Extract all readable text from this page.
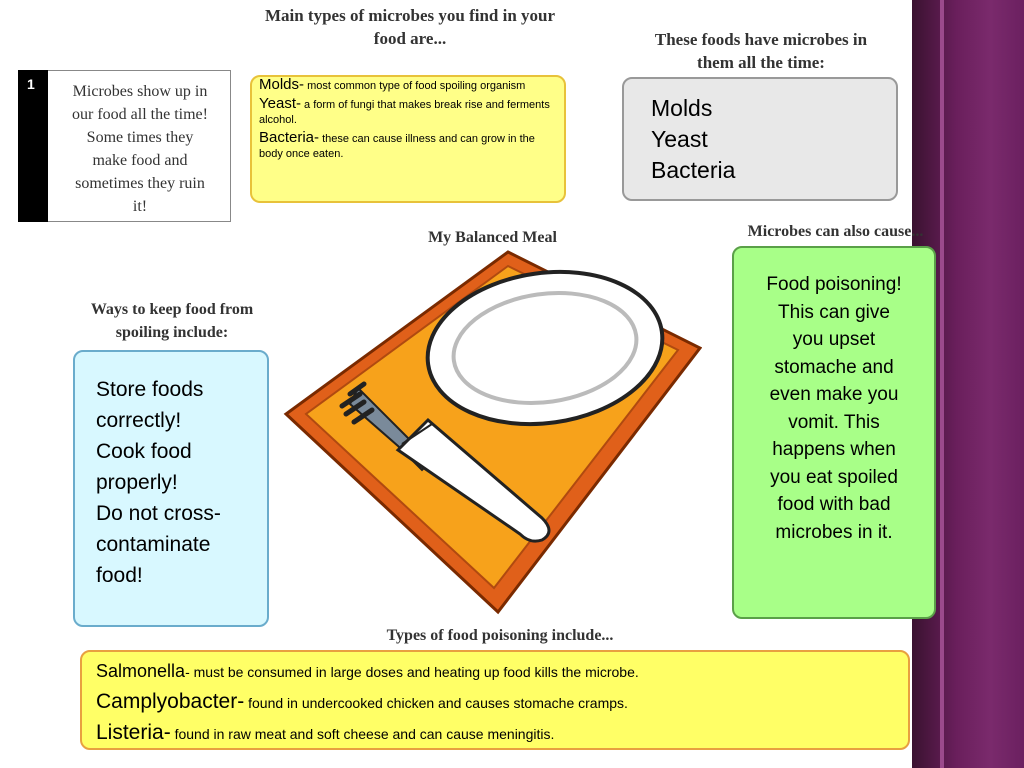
Main types of microbes you find in your
food are...	These foods have microbes in
them all the time:
My Balanced Meal	Microbes can also cause...
Ways to keep food from
spoiling include:
Types of food poisoning include...
1	Microbes show up in
our food all the time!
Some times they
make food and
sometimes they ruin
it!

Molds- most common type of food spoiling organism

Yeast- a form of fungi that makes break rise and ferments alcohol.

Bacteria- these can cause illness and can grow in the body once eaten.

Molds
Yeast
Bacteria
Store foods
correctly!
Cook food
properly!
Do not cross-
contaminate
food!
Food poisoning!
This can give
you upset
stomache and
even make you
vomit. This
happens when
you eat spoiled
food with bad
microbes in it.

Salmonella- must be consumed in large doses and heating up food kills the microbe.

Camplyobacter- found in undercooked chicken and causes stomache cramps.

Listeria- found in raw meat and soft cheese and can cause meningitis.
